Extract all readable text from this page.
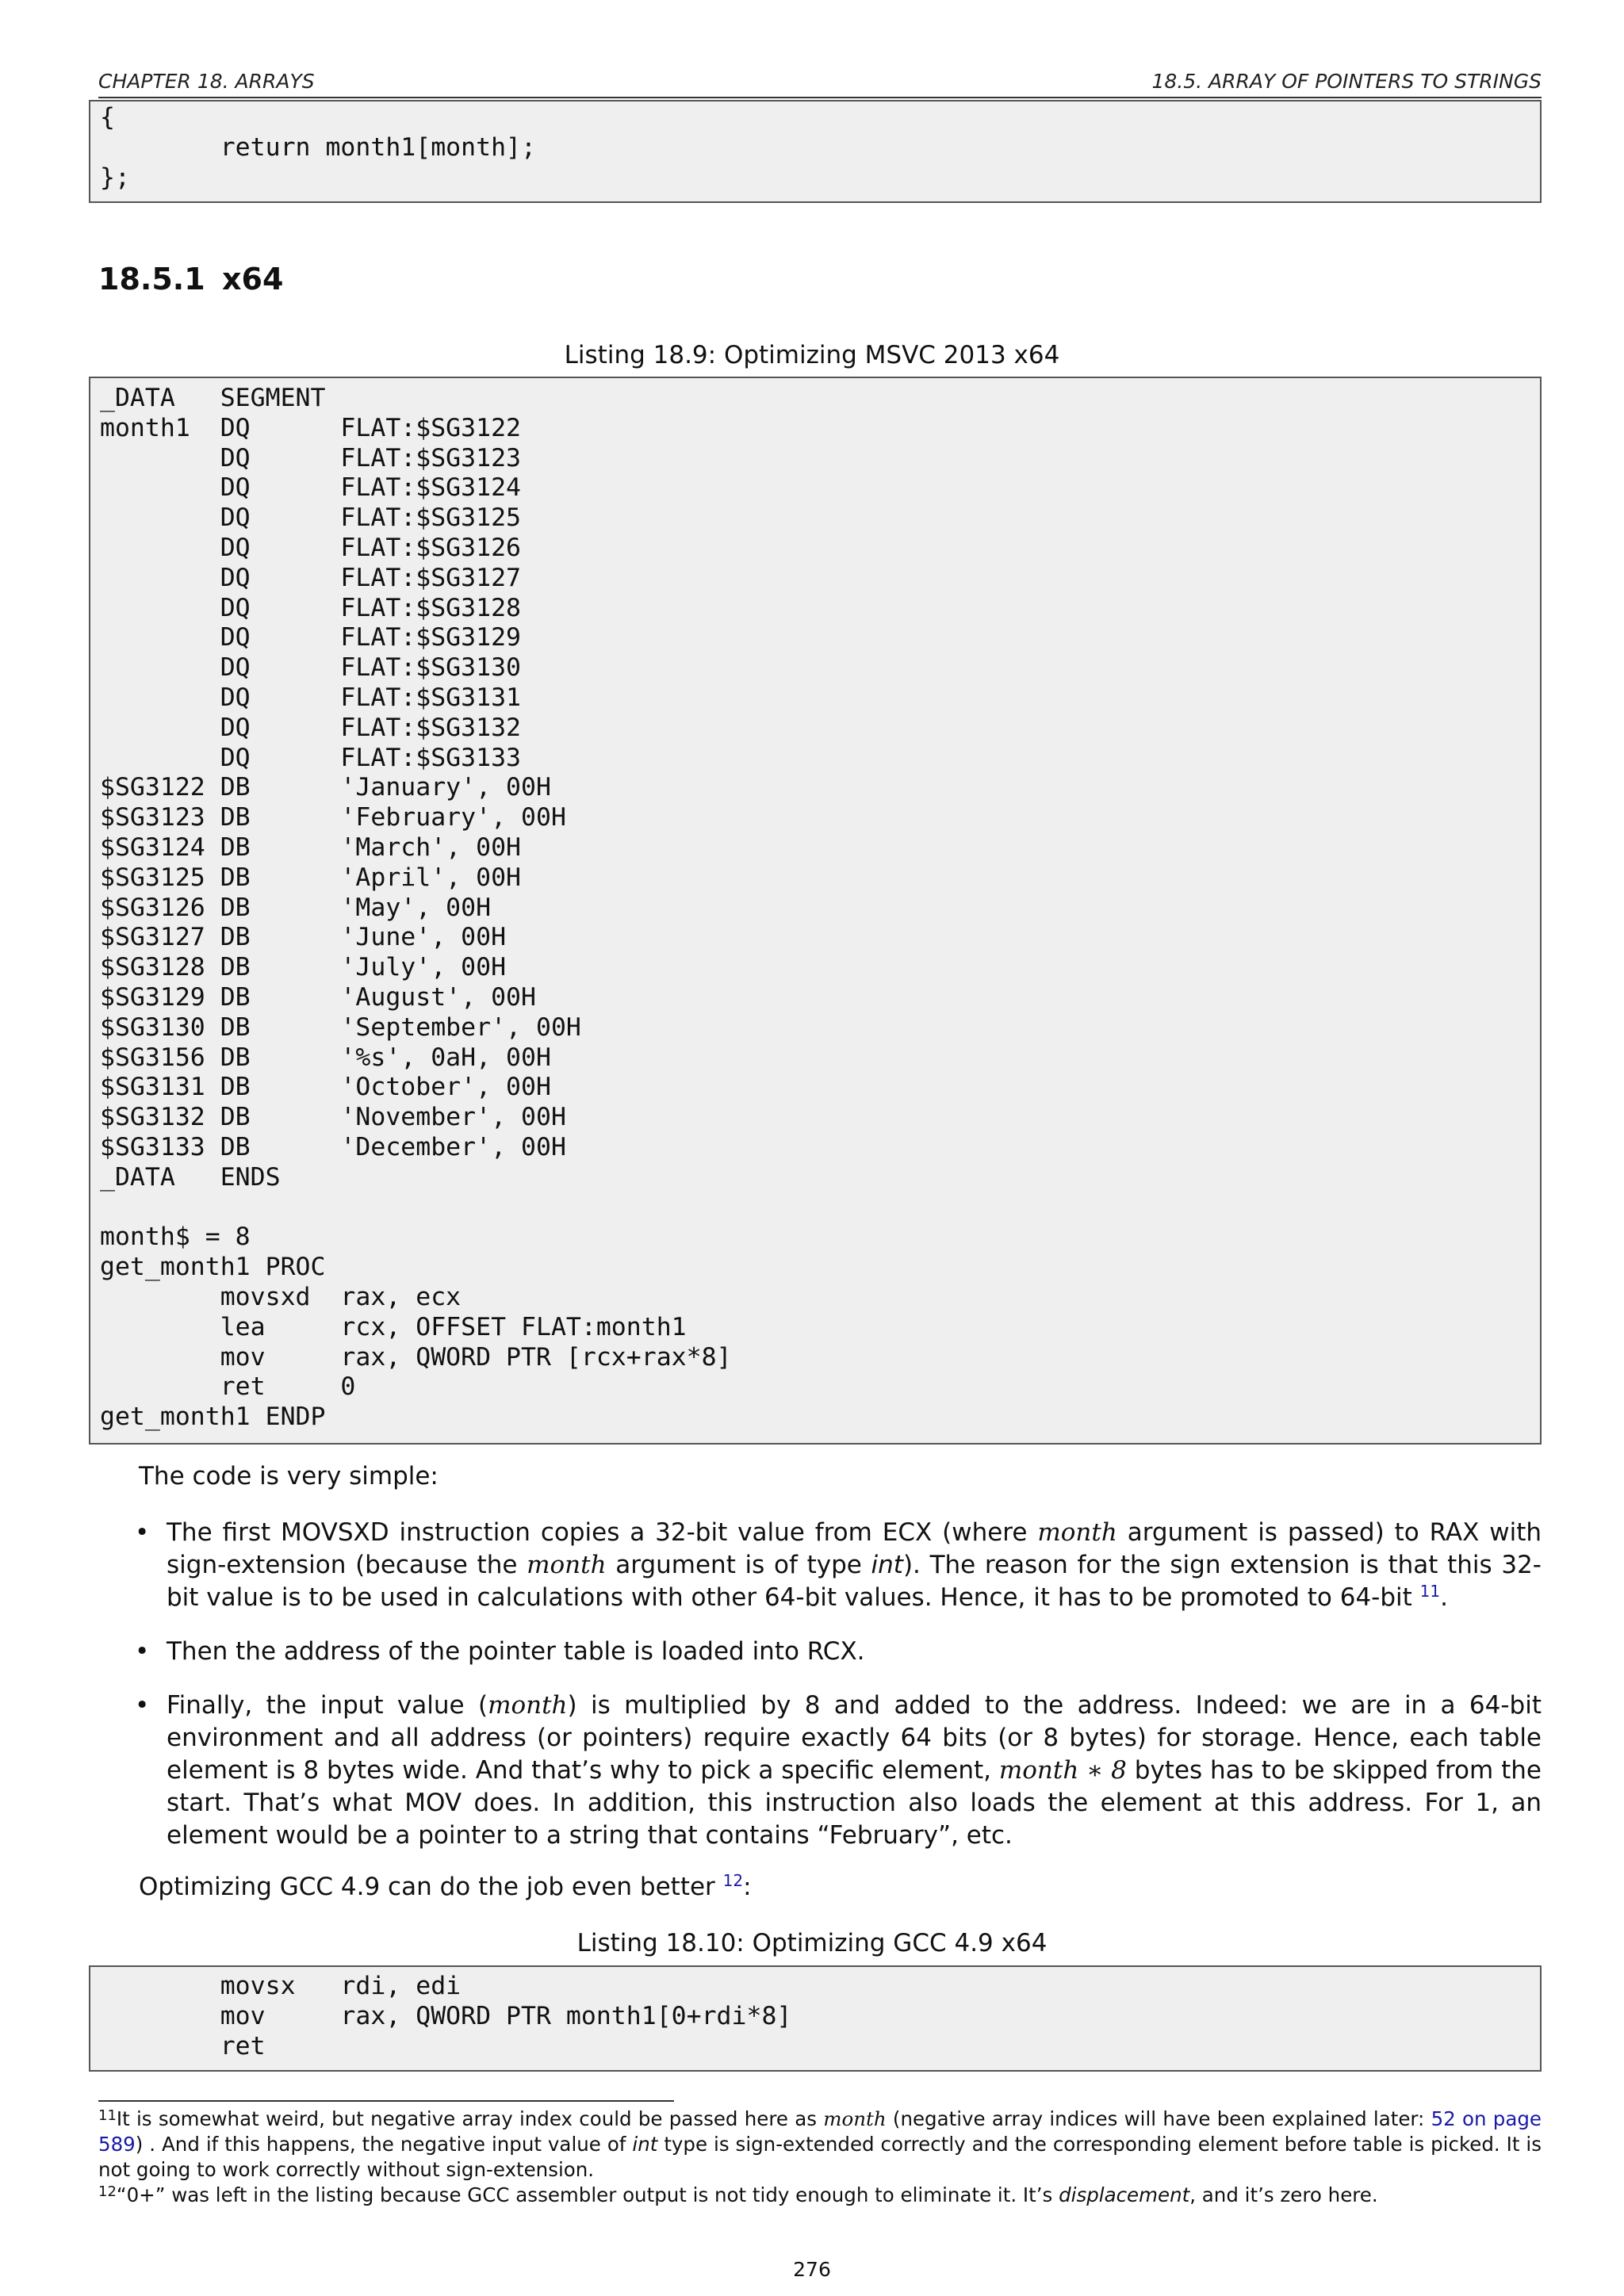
CHAPTER 18. ARRAYS	18.5. ARRAY OF POINTERS TO STRINGS
{
return month1[month];
};
18.5.1 x64
Listing 18.9: Optimizing MSVC 2013 x64
_DATA   SEGMENT
month1  DQ      FLAT:$SG3122
DQ      FLAT:$SG3123
DQ      FLAT:$SG3124
DQ      FLAT:$SG3125
DQ      FLAT:$SG3126
DQ      FLAT:$SG3127
DQ      FLAT:$SG3128
DQ      FLAT:$SG3129
DQ      FLAT:$SG3130
DQ      FLAT:$SG3131
DQ      FLAT:$SG3132
DQ      FLAT:$SG3133
$SG3122 DB      'January', 00H
$SG3123 DB      'February', 00H
$SG3124 DB      'March', 00H
$SG3125 DB      'April', 00H
$SG3126 DB      'May', 00H
$SG3127 DB      'June', 00H
$SG3128 DB      'July', 00H
$SG3129 DB      'August', 00H
$SG3130 DB      'September', 00H
$SG3156 DB      '%s', 0aH, 00H
$SG3131 DB      'October', 00H
$SG3132 DB      'November', 00H
$SG3133 DB      'December', 00H
_DATA   ENDS

month$ = 8
get_month1 PROC
movsxd  rax, ecx
lea     rcx, OFFSET FLAT:month1
mov     rax, QWORD PTR [rcx+rax*8]
ret     0
get_month1 ENDP
The code is very simple:
• The first MOVSXD instruction copies a 32-bit value from ECX (where month argument is passed) to RAX with sign-extension (because the month argument is of type int). The reason for the sign extension is that this 32-bit value is to be used in calculations with other 64-bit values. Hence, it has to be promoted to 64-bit $^{11}$.
• Then the address of the pointer table is loaded into RCX.
• Finally, the input value (month) is multiplied by 8 and added to the address. Indeed: we are in a 64-bit environment and all address (or pointers) require exactly 64 bits (or 8 bytes) for storage. Hence, each table element is 8 bytes wide. And that’s why to pick a specific element, month ∗ 8 bytes has to be skipped from the start. That’s what MOV does. In addition, this instruction also loads the element at this address. For 1, an element would be a pointer to a string that contains “February”, etc.
Optimizing GCC 4.9 can do the job even better $^{12}$:
Listing 18.10: Optimizing GCC 4.9 x64
movsx   rdi, edi
mov     rax, QWORD PTR month1[0+rdi*8]
ret

$^{11}$It is somewhat weird, but negative array index could be passed here as month (negative array indices will have been explained later: 52 on page 589) . And if this happens, the negative input value of int type is sign-extended correctly and the corresponding element before table is picked. It is not going to work correctly without sign-extension.

$^{12}$“0+” was left in the listing because GCC assembler output is not tidy enough to eliminate it. It’s displacement, and it’s zero here.

276
